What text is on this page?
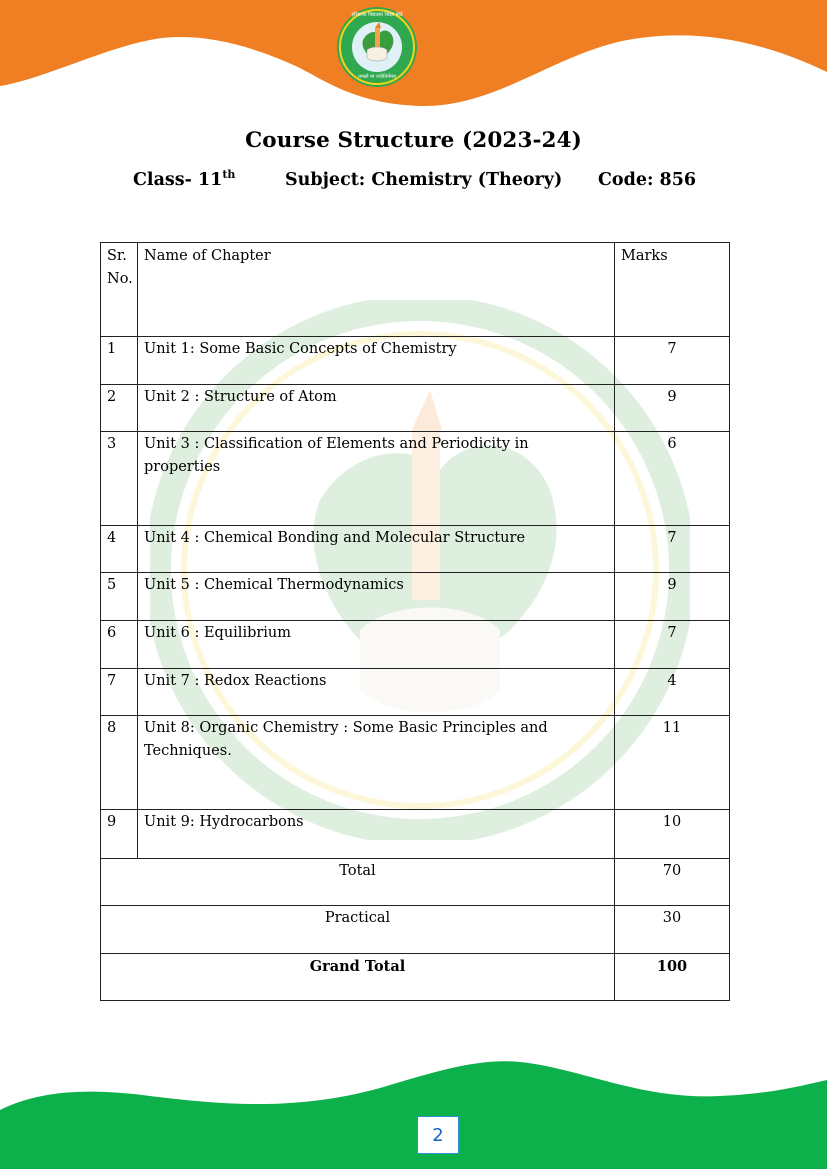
हरियाणा विद्यालय शिक्षा बोर्ड
तमसो मा ज्योतिर्गमय
Course Structure (2023-24)
Class- 11th	Subject: Chemistry (Theory) Code: 856
Sr. No.	Name of Chapter	Marks
1	Unit 1: Some Basic Concepts of Chemistry	7
2	Unit 2 : Structure of Atom	9
3	Unit 3 : Classification of Elements and Periodicity in properties	6
4	Unit 4 : Chemical Bonding and Molecular Structure	7
5	Unit 5 : Chemical Thermodynamics	9
6	Unit 6 : Equilibrium	7
7	Unit 7 : Redox Reactions	4
8	Unit 8: Organic Chemistry : Some Basic Principles and Techniques.	11
9	Unit 9: Hydrocarbons	10
Total		70
Practical		30
Grand Total		100
2
